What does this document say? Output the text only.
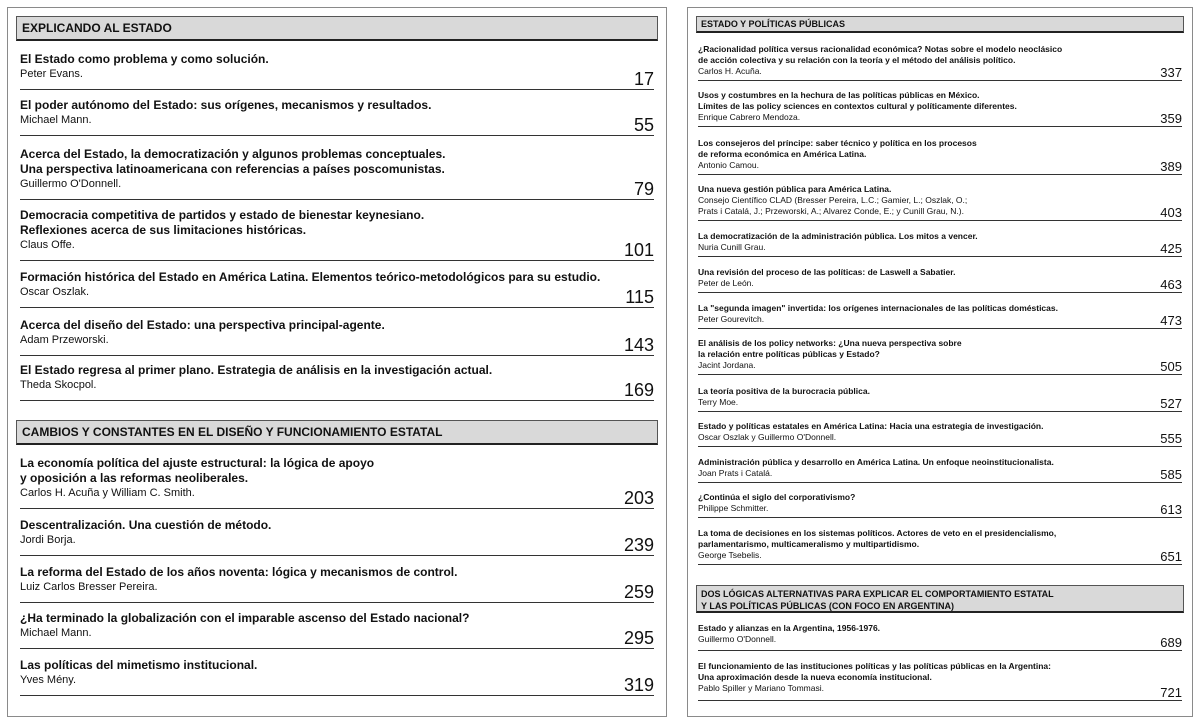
EXPLICANDO AL ESTADO
El Estado como problema y como solución.
Peter Evans.	17
El poder autónomo del Estado: sus orígenes, mecanismos y resultados.
Michael Mann.	55
Acerca del Estado, la democratización y algunos problemas conceptuales.
Una perspectiva latinoamericana con referencias a países poscomunistas.
Guillermo O'Donnell.	79
Democracia competitiva de partidos y estado de bienestar keynesiano.
Reflexiones acerca de sus limitaciones históricas.
Claus Offe.	101
Formación histórica del Estado en América Latina. Elementos teórico-metodológicos para su estudio.
Oscar Oszlak.	115
Acerca del diseño del Estado: una perspectiva principal-agente.
Adam Przeworski.	143
El Estado regresa al primer plano. Estrategia de análisis en la investigación actual.
Theda Skocpol.	169
CAMBIOS Y CONSTANTES EN EL DISEÑO Y FUNCIONAMIENTO ESTATAL
La economía política del ajuste estructural: la lógica de apoyo
y oposición a las reformas neoliberales.
Carlos H. Acuña y William C. Smith.	203
Descentralización. Una cuestión de método.
Jordi Borja.	239
La reforma del Estado de los años noventa: lógica y mecanismos de control.
Luiz Carlos Bresser Pereira.	259
¿Ha terminado la globalización con el imparable ascenso del Estado nacional?
Michael Mann.	295
Las políticas del mimetismo institucional.
Yves Mény.	319
ESTADO Y POLÍTICAS PÚBLICAS
¿Racionalidad política versus racionalidad económica? Notas sobre el modelo neoclásico
de acción colectiva y su relación con la teoría y el método del análisis político.
Carlos H. Acuña.	337
Usos y costumbres en la hechura de las políticas públicas en México.
Límites de las policy sciences en contextos cultural y políticamente diferentes.
Enrique Cabrero Mendoza.	359
Los consejeros del príncipe: saber técnico y política en los procesos
de reforma económica en América Latina.
Antonio Camou.	389
Una nueva gestión pública para América Latina.
Consejo Científico CLAD (Bresser Pereira, L.C.; Gamier, L.; Oszlak, O.;
Prats i Catalá, J.; Przeworski, A.; Alvarez Conde, E.; y Cunill Grau, N.).	403
La democratización de la administración pública. Los mitos a vencer.
Nuria Cunill Grau.	425
Una revisión del proceso de las políticas: de Laswell a Sabatier.
Peter de León.	463
La "segunda imagen" invertida: los orígenes internacionales de las políticas domésticas.
Peter Gourevitch.	473
El análisis de los policy networks: ¿Una nueva perspectiva sobre
la relación entre políticas públicas y Estado?
Jacint Jordana.	505
La teoría positiva de la burocracia pública.
Terry Moe.	527
Estado y políticas estatales en América Latina: Hacia una estrategia de investigación.
Oscar Oszlak y Guillermo O'Donnell.	555
Administración pública y desarrollo en América Latina. Un enfoque neoinstitucionalista.
Joan Prats i Catalá.	585
¿Continúa el siglo del corporativismo?
Philippe Schmitter.	613
La toma de decisiones en los sistemas políticos. Actores de veto en el presidencialismo,
parlamentarismo, multicameralismo y multipartidismo.
George Tsebelis.	651
DOS LÓGICAS ALTERNATIVAS PARA EXPLICAR EL COMPORTAMIENTO ESTATAL
Y LAS POLÍTICAS PÚBLICAS (CON FOCO EN ARGENTINA)
Estado y alianzas en la Argentina, 1956-1976.
Guillermo O'Donnell.	689
El funcionamiento de las instituciones políticas y las políticas públicas en la Argentina:
Una aproximación desde la nueva economía institucional.
Pablo Spiller y Mariano Tommasi.	721
